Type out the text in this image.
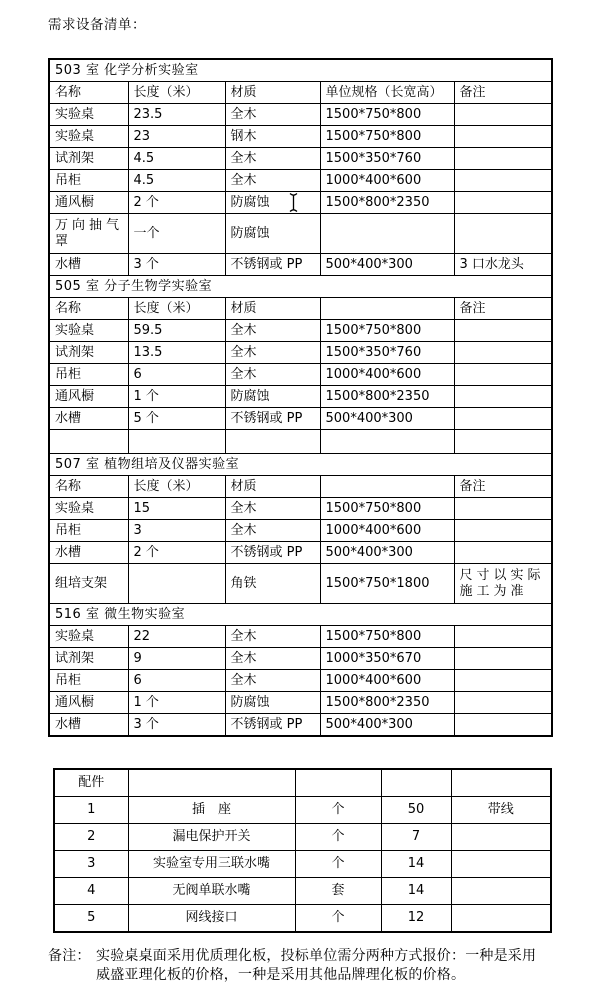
需求设备清单：
503 室 化学分析实验室				
名称	长度（米）	材质	单位规格（长宽高）	备注
实验桌	23.5	全木	1500*750*800	
实验桌	23	钢木	1500*750*800	
试剂架	4.5	全木	1500*350*760	
吊柜	4.5	全木	1000*400*600	
通风橱	2 个	防腐蚀	1500*800*2350	
万向抽气罩	一个	防腐蚀		
水槽	3 个	不锈钢或 PP	500*400*300	3 口水龙头
505 室 分子生物学实验室				
名称	长度（米）	材质		备注
实验桌	59.5	全木	1500*750*800	
试剂架	13.5	全木	1500*350*760	
吊柜	6	全木	1000*400*600	
通风橱	1 个	防腐蚀	1500*800*2350	
水槽	5 个	不锈钢或 PP	500*400*300	

507 室 植物组培及仪器实验室				
名称	长度（米）	材质		备注
实验桌	15	全木	1500*750*800	
吊柜	3	全木	1000*400*600	
水槽	2 个	不锈钢或 PP	500*400*300	
组培支架		角铁	1500*750*1800	尺寸以实际施工为准
516 室 微生物实验室				
实验桌	22	全木	1500*750*800	
试剂架	9	全木	1000*350*670	
吊柜	6	全木	1000*400*600	
通风橱	1 个	防腐蚀	1500*800*2350	
水槽	3 个	不锈钢或 PP	500*400*300	
配件				
1	插　座	个	50	带线
2	漏电保护开关	个	7	
3	实验室专用三联水嘴	个	14	
4	无阀单联水嘴	套	14	
5	网线接口	个	12	
备注： 实验桌桌面采用优质理化板，投标单位需分两种方式报价：一种是采用
威盛亚理化板的价格，一种是采用其他品牌理化板的价格。
